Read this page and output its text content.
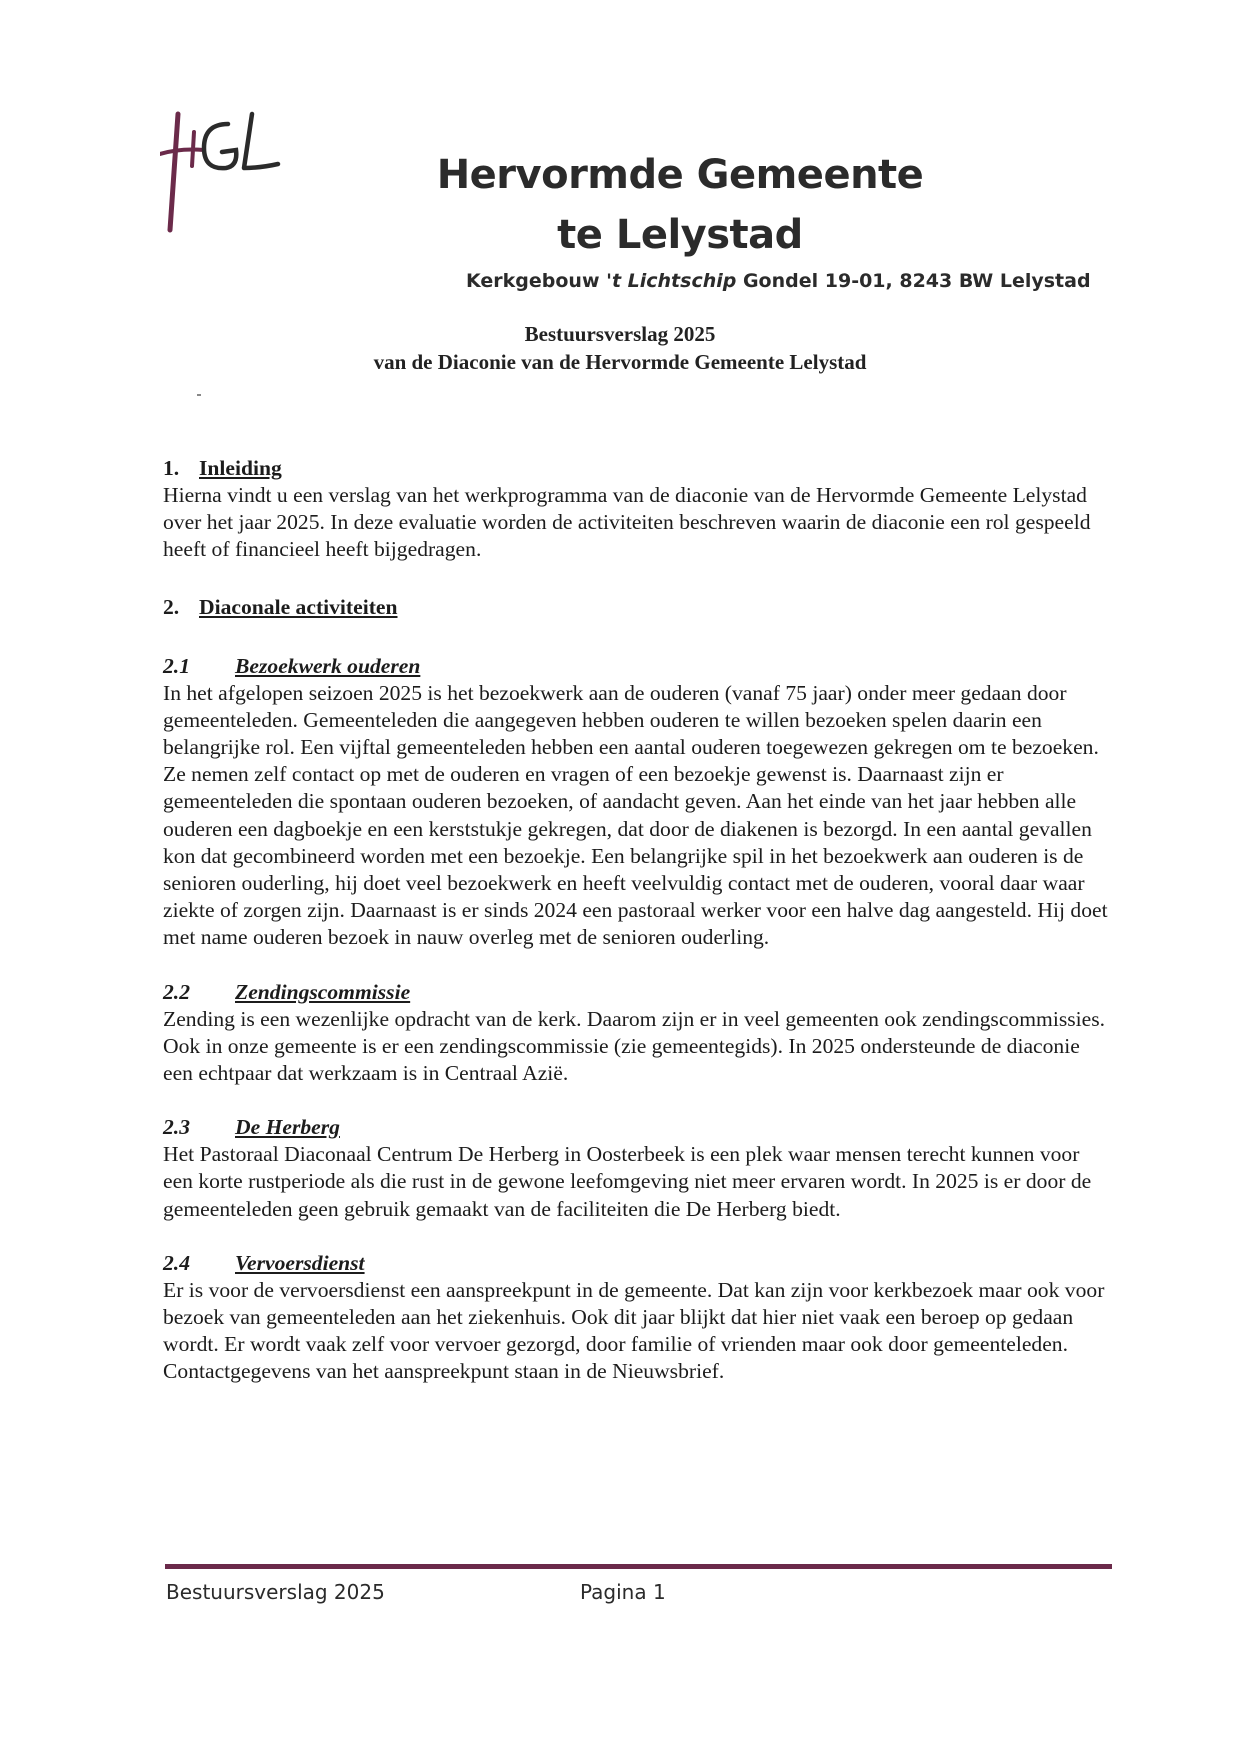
Hervormde Gemeente
te Lelystad
Kerkgebouw 't Lichtschip Gondel 19-01, 8243 BW Lelystad
Bestuursverslag 2025
van de Diaconie van de Hervormde Gemeente Lelystad

1. Inleiding

Hierna vindt u een verslag van het werkprogramma van de diaconie van de Hervormde Gemeente Lelystad over het jaar 2025. In deze evaluatie worden de activiteiten beschreven waarin de diaconie een rol gespeeld heeft of financieel heeft bijgedragen.

2. Diaconale activiteiten

2.1 Bezoekwerk ouderen

In het afgelopen seizoen 2025 is het bezoekwerk aan de ouderen (vanaf 75 jaar) onder meer gedaan door gemeenteleden. Gemeenteleden die aangegeven hebben ouderen te willen bezoeken spelen daarin een belangrijke rol. Een vijftal gemeenteleden hebben een aantal ouderen toegewezen gekregen om te bezoeken. Ze nemen zelf contact op met de ouderen en vragen of een bezoekje gewenst is. Daarnaast zijn er gemeenteleden die spontaan ouderen bezoeken, of aandacht geven. Aan het einde van het jaar hebben alle ouderen een dagboekje en een kerststukje gekregen, dat door de diakenen is bezorgd. In een aantal gevallen kon dat gecombineerd worden met een bezoekje. Een belangrijke spil in het bezoekwerk aan ouderen is de senioren ouderling, hij doet veel bezoekwerk en heeft veelvuldig contact met de ouderen, vooral daar waar ziekte of zorgen zijn. Daarnaast is er sinds 2024 een pastoraal werker voor een halve dag aangesteld. Hij doet met name ouderen bezoek in nauw overleg met de senioren ouderling.

2.2 Zendingscommissie

Zending is een wezenlijke opdracht van de kerk. Daarom zijn er in veel gemeenten ook zendingscommissies. Ook in onze gemeente is er een zendingscommissie (zie gemeentegids). In 2025 ondersteunde de diaconie een echtpaar dat werkzaam is in Centraal Azië.

2.3 De Herberg

Het Pastoraal Diaconaal Centrum De Herberg in Oosterbeek is een plek waar mensen terecht kunnen voor een korte rustperiode als die rust in de gewone leefomgeving niet meer ervaren wordt. In 2025 is er door de gemeenteleden geen gebruik gemaakt van de faciliteiten die De Herberg biedt.

2.4 Vervoersdienst

Er is voor de vervoersdienst een aanspreekpunt in de gemeente. Dat kan zijn voor kerkbezoek maar ook voor bezoek van gemeenteleden aan het ziekenhuis. Ook dit jaar blijkt dat hier niet vaak een beroep op gedaan wordt. Er wordt vaak zelf voor vervoer gezorgd, door familie of vrienden maar ook door gemeenteleden. Contactgegevens van het aanspreekpunt staan in de Nieuwsbrief.

Bestuursverslag 2025	Pagina 1
